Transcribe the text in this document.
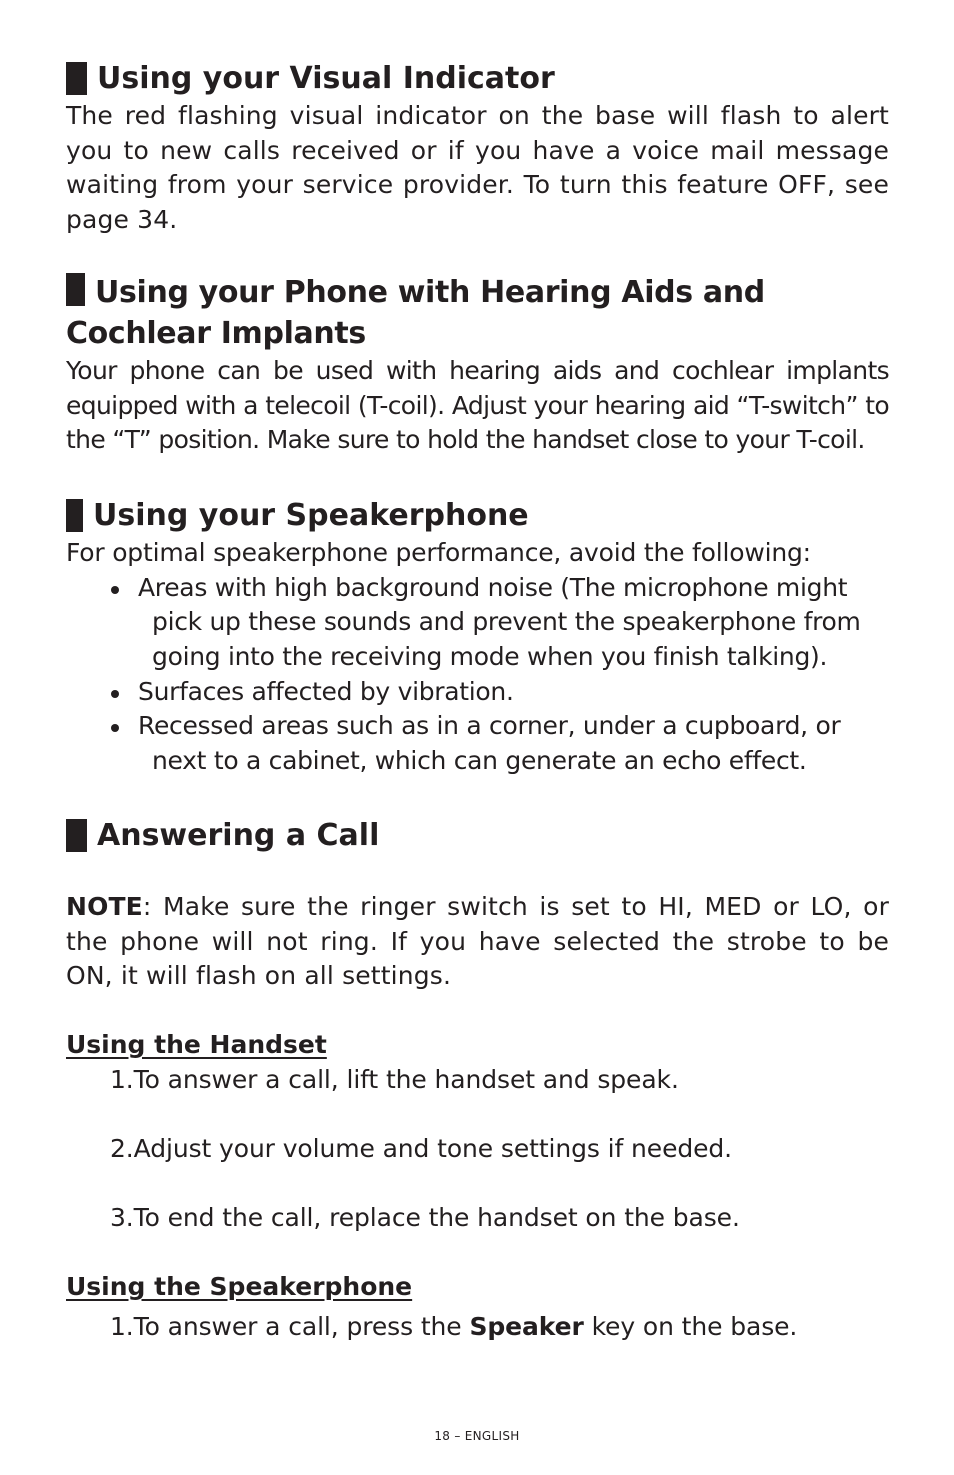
Using your Visual Indicator

The red flashing visual indicator on the base will flash to alert you to new calls received or if you have a voice mail message waiting from your service provider. To turn this feature OFF, see page 34.

Using your Phone with Hearing Aids and Cochlear Implants

Your phone can be used with hearing aids and cochlear implants equipped with a telecoil (T-coil). Adjust your hearing aid “T-switch” to the “T” position. Make sure to hold the handset close to your T-coil.

Using your Speakerphone

For optimal speakerphone performance, avoid the following:

Areas with high background noise (The microphone might pick up these sounds and prevent the speakerphone from going into the receiving mode when you finish talking).
Surfaces affected by vibration.
Recessed areas such as in a corner, under a cupboard, or next to a cabinet, which can generate an echo effect.
Answering a Call

NOTE: Make sure the ringer switch is set to HI, MED or LO, or the phone will not ring. If you have selected the strobe to be ON, it will flash on all settings.

Using the Handset
1.To answer a call, lift the handset and speak.
2.Adjust your volume and tone settings if needed.
3.To end the call, replace the handset on the base.
Using the Speakerphone
1.To answer a call, press the Speaker key on the base.
18 – ENGLISH
